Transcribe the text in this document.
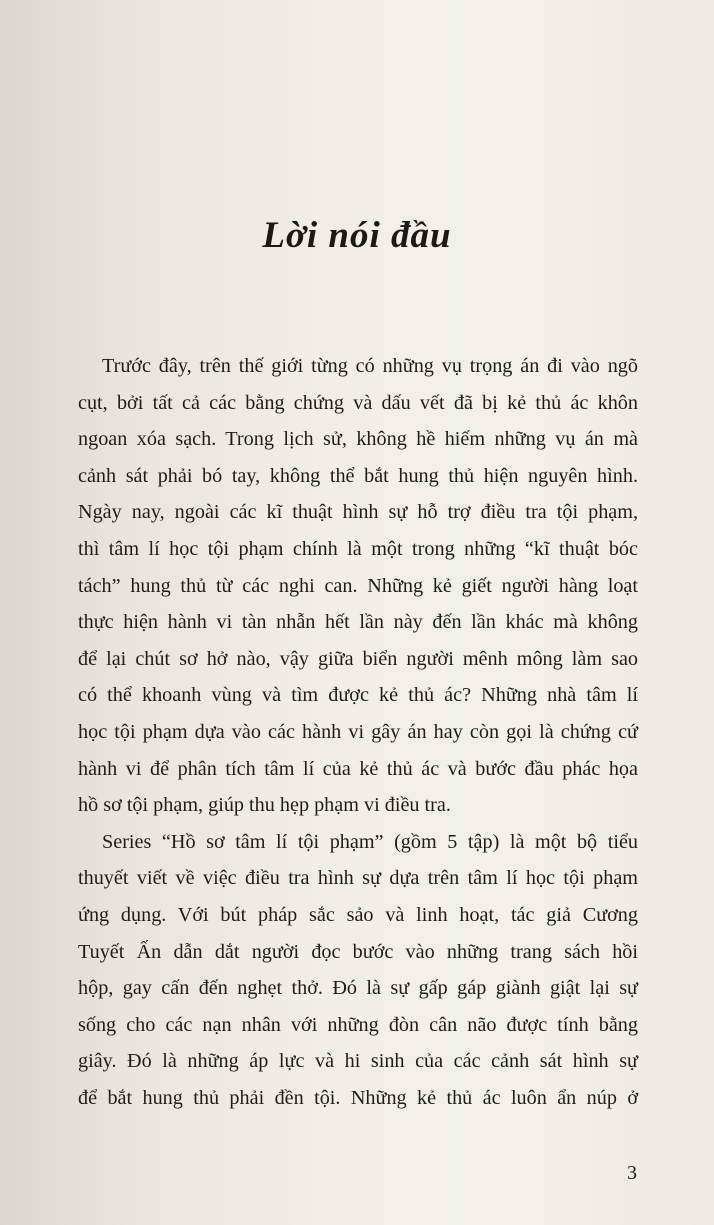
Lời nói đầu

Trước đây, trên thế giới từng có những vụ trọng án đi vào ngõ
cụt, bởi tất cả các bằng chứng và dấu vết đã bị kẻ thủ ác khôn
ngoan xóa sạch. Trong lịch sử, không hề hiếm những vụ án mà
cảnh sát phải bó tay, không thể bắt hung thủ hiện nguyên hình.
Ngày nay, ngoài các kĩ thuật hình sự hỗ trợ điều tra tội phạm,
thì tâm lí học tội phạm chính là một trong những “kĩ thuật bóc
tách” hung thủ từ các nghi can. Những kẻ giết người hàng loạt
thực hiện hành vi tàn nhẫn hết lần này đến lần khác mà không
để lại chút sơ hở nào, vậy giữa biển người mênh mông làm sao
có thể khoanh vùng và tìm được kẻ thủ ác? Những nhà tâm lí
học tội phạm dựa vào các hành vi gây án hay còn gọi là chứng cứ
hành vi để phân tích tâm lí của kẻ thủ ác và bước đầu phác họa
hồ sơ tội phạm, giúp thu hẹp phạm vi điều tra.

Series “Hồ sơ tâm lí tội phạm” (gồm 5 tập) là một bộ tiểu
thuyết viết về việc điều tra hình sự dựa trên tâm lí học tội phạm
ứng dụng. Với bút pháp sắc sảo và linh hoạt, tác giả Cương
Tuyết Ấn dẫn dắt người đọc bước vào những trang sách hồi
hộp, gay cấn đến nghẹt thở. Đó là sự gấp gáp giành giật lại sự
sống cho các nạn nhân với những đòn cân não được tính bằng
giây. Đó là những áp lực và hi sinh của các cảnh sát hình sự
để bắt hung thủ phải đền tội. Những kẻ thủ ác luôn ẩn núp ở

3
